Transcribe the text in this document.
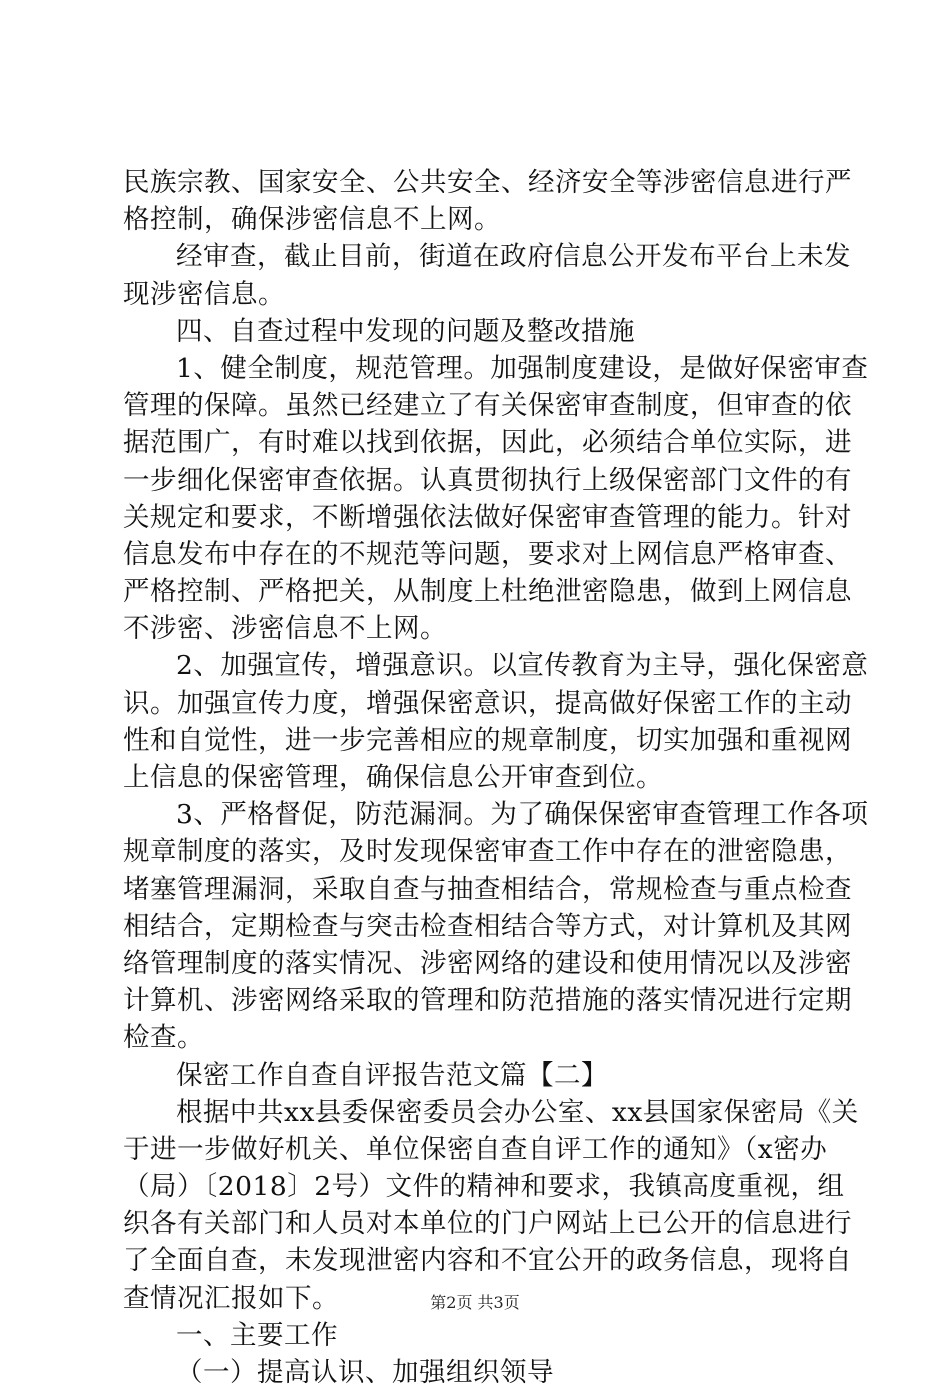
民族宗教、国家安全、公共安全、经济安全等涉密信息进行严
格控制，确保涉密信息不上网。
经审查，截止目前，街道在政府信息公开发布平台上未发
现涉密信息。
四、自查过程中发现的问题及整改措施
1、健全制度，规范管理。加强制度建设，是做好保密审查
管理的保障。虽然已经建立了有关保密审查制度，但审查的依
据范围广，有时难以找到依据，因此，必须结合单位实际，进
一步细化保密审查依据。认真贯彻执行上级保密部门文件的有
关规定和要求，不断增强依法做好保密审查管理的能力。针对
信息发布中存在的不规范等问题，要求对上网信息严格审查、
严格控制、严格把关，从制度上杜绝泄密隐患，做到上网信息
不涉密、涉密信息不上网。
2、加强宣传，增强意识。以宣传教育为主导，强化保密意
识。加强宣传力度，增强保密意识，提高做好保密工作的主动
性和自觉性，进一步完善相应的规章制度，切实加强和重视网
上信息的保密管理，确保信息公开审查到位。
3、严格督促，防范漏洞。为了确保保密审查管理工作各项
规章制度的落实，及时发现保密审查工作中存在的泄密隐患，
堵塞管理漏洞，采取自查与抽查相结合，常规检查与重点检查
相结合，定期检查与突击检查相结合等方式，对计算机及其网
络管理制度的落实情况、涉密网络的建设和使用情况以及涉密
计算机、涉密网络采取的管理和防范措施的落实情况进行定期
检查。
保密工作自查自评报告范文篇【二】
根据中共xx县委保密委员会办公室、xx县国家保密局《关
于进一步做好机关、单位保密自查自评工作的通知》（x密办
（局）〔2018〕2号）文件的精神和要求，我镇高度重视，组
织各有关部门和人员对本单位的门户网站上已公开的信息进行
了全面自查，未发现泄密内容和不宜公开的政务信息，现将自
查情况汇报如下。
一、主要工作
（一）提高认识、加强组织领导
第2页 共3页
